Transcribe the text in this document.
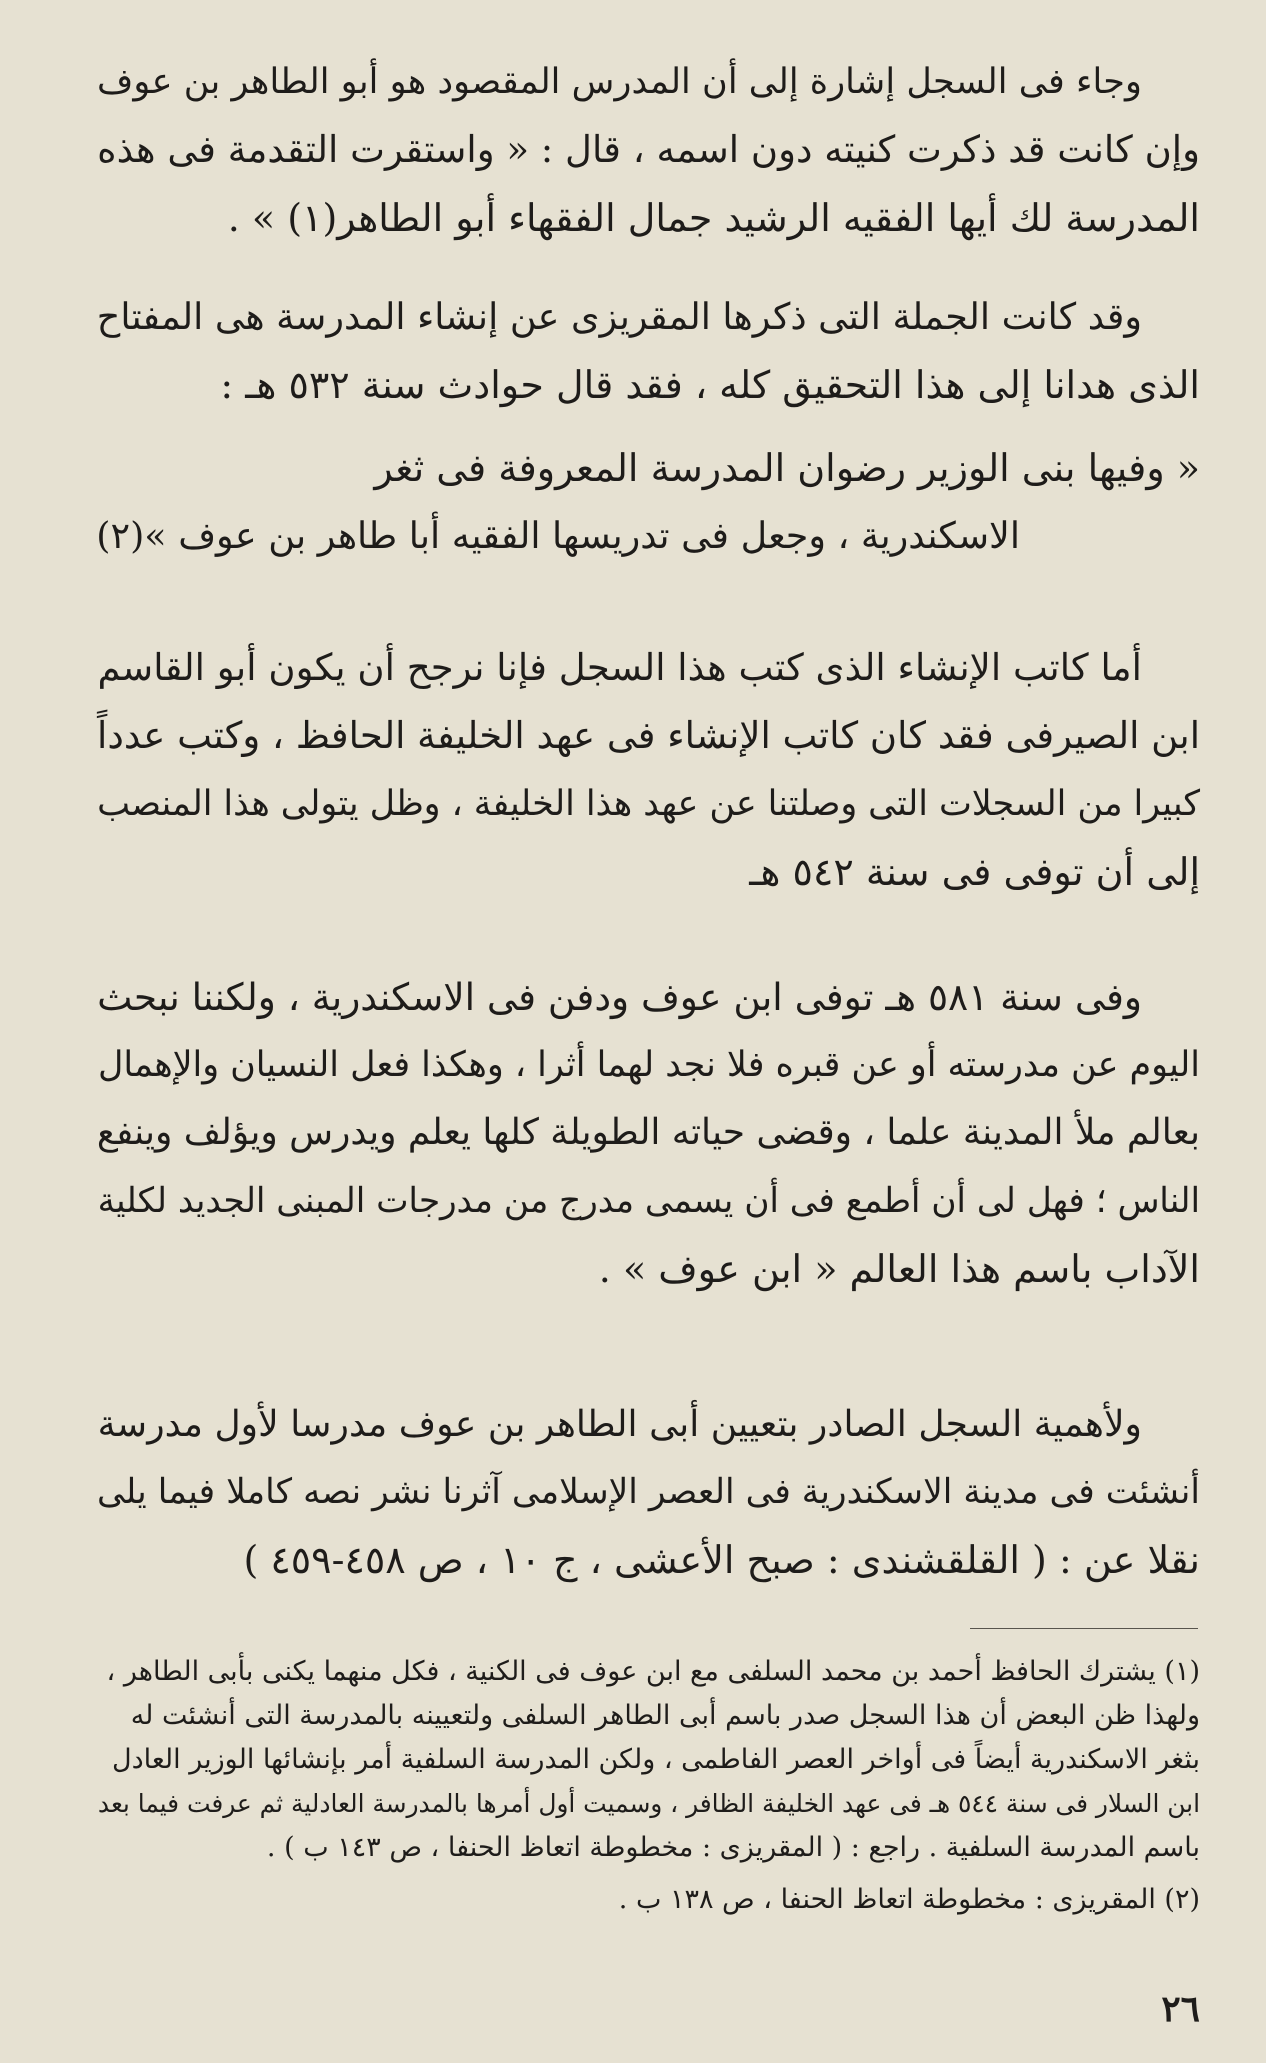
وجاء فى السجل إشارة إلى أن المدرس المقصود هو أبو الطاهر بن عوف
وإن كانت قد ذكرت كنيته دون اسمه ، قال : « واستقرت التقدمة فى هذه
المدرسة لك أيها الفقيه الرشيد جمال الفقهاء أبو الطاهر(١) » .
وقد كانت الجملة التى ذكرها المقريزى عن إنشاء المدرسة هى المفتاح
الذى هدانا إلى هذا التحقيق كله ، فقد قال حوادث سنة ٥٣٢ هـ :
« وفيها بنى الوزير رضوان المدرسة المعروفة فى ثغر
الاسكندرية ، وجعل فى تدريسها الفقيه أبا طاهر بن عوف »(٢)
أما كاتب الإنشاء الذى كتب هذا السجل فإنا نرجح أن يكون أبو القاسم
ابن الصيرفى فقد كان كاتب الإنشاء فى عهد الخليفة الحافظ ، وكتب عدداً
كبيرا من السجلات التى وصلتنا عن عهد هذا الخليفة ، وظل يتولى هذا المنصب
إلى أن توفى فى سنة ٥٤٢ هـ
وفى سنة ٥٨١ هـ توفى ابن عوف ودفن فى الاسكندرية ، ولكننا نبحث
اليوم عن مدرسته أو عن قبره فلا نجد لهما أثرا ، وهكذا فعل النسيان والإهمال
بعالم ملأ المدينة علما ، وقضى حياته الطويلة كلها يعلم ويدرس ويؤلف وينفع
الناس ؛ فهل لى أن أطمع فى أن يسمى مدرج من مدرجات المبنى الجديد لكلية
الآداب باسم هذا العالم « ابن عوف » .
ولأهمية السجل الصادر بتعيين أبى الطاهر بن عوف مدرسا لأول مدرسة
أنشئت فى مدينة الاسكندرية فى العصر الإسلامى آثرنا نشر نصه كاملا فيما يلى
نقلا عن : ( القلقشندى : صبح الأعشى ، ج ١٠ ، ص ٤٥٨-٤٥٩ )
(١) يشترك الحافظ أحمد بن محمد السلفى مع ابن عوف فى الكنية ، فكل منهما يكنى بأبى الطاهر ،
ولهذا ظن البعض أن هذا السجل صدر باسم أبى الطاهر السلفى ولتعيينه بالمدرسة التى أنشئت له
بثغر الاسكندرية أيضاً فى أواخر العصر الفاطمى ، ولكن المدرسة السلفية أمر بإنشائها الوزير العادل
ابن السلار فى سنة ٥٤٤ هـ فى عهد الخليفة الظافر ، وسميت أول أمرها بالمدرسة العادلية ثم عرفت فيما بعد
باسم المدرسة السلفية . راجع : ( المقريزى : مخطوطة اتعاظ الحنفا ، ص ١٤٣ ب ) .
(٢) المقريزى : مخطوطة اتعاظ الحنفا ، ص ١٣٨ ب .
٢٦
